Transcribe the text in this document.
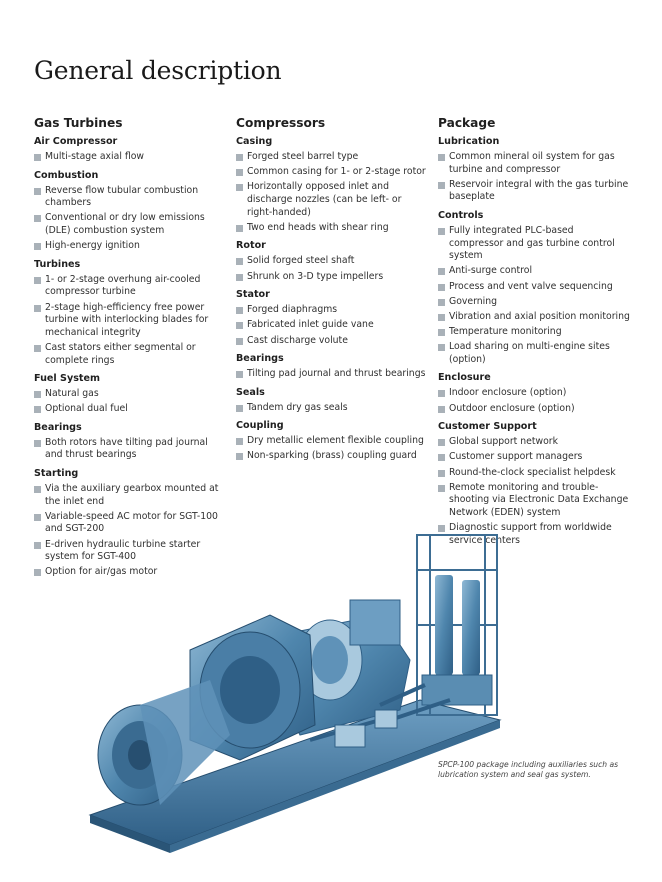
General description
Gas Turbines
Air Compressor
Multi-stage axial flow
Combustion
Reverse flow tubular combustion chambers
Conventional or dry low emissions (DLE) combustion system
High-energy ignition
Turbines
1- or 2-stage overhung air-cooled compressor turbine
2-stage high-efficiency free power turbine with interlocking blades for mechanical integrity
Cast stators either segmental or complete rings
Fuel System
Natural gas
Optional dual fuel
Bearings
Both rotors have tilting pad journal and thrust bearings
Starting
Via the auxiliary gearbox mounted at the inlet end
Variable-speed AC motor for SGT-100 and SGT-200
E-driven hydraulic turbine starter system for SGT-400
Option for air/gas motor
Compressors
Casing
Forged steel barrel type
Common casing for 1- or 2-stage rotor
Horizontally opposed inlet and discharge nozzles (can be left- or right-handed)
Two end heads with shear ring
Rotor
Solid forged steel shaft
Shrunk on 3-D type impellers
Stator
Forged diaphragms
Fabricated inlet guide vane
Cast discharge volute
Bearings
Tilting pad journal and thrust bearings
Seals
Tandem dry gas seals
Coupling
Dry metallic element flexible coupling
Non-sparking (brass) coupling guard
Package
Lubrication
Common mineral oil system for gas turbine and compressor
Reservoir integral with the gas turbine baseplate
Controls
Fully integrated PLC-based compressor and gas turbine control system
Anti-surge control
Process and vent valve sequencing
Governing
Vibration and axial position monitoring
Temperature monitoring
Load sharing on multi-engine sites (option)
Enclosure
Indoor enclosure (option)
Outdoor enclosure (option)
Customer Support
Global support network
Customer support managers
Round-the-clock specialist helpdesk
Remote monitoring and trouble-shooting via Electronic Data Exchange Network (EDEN) system
Diagnostic support from worldwide service centers
SPCP-100 package including auxiliaries such as lubrication system and seal gas system.
